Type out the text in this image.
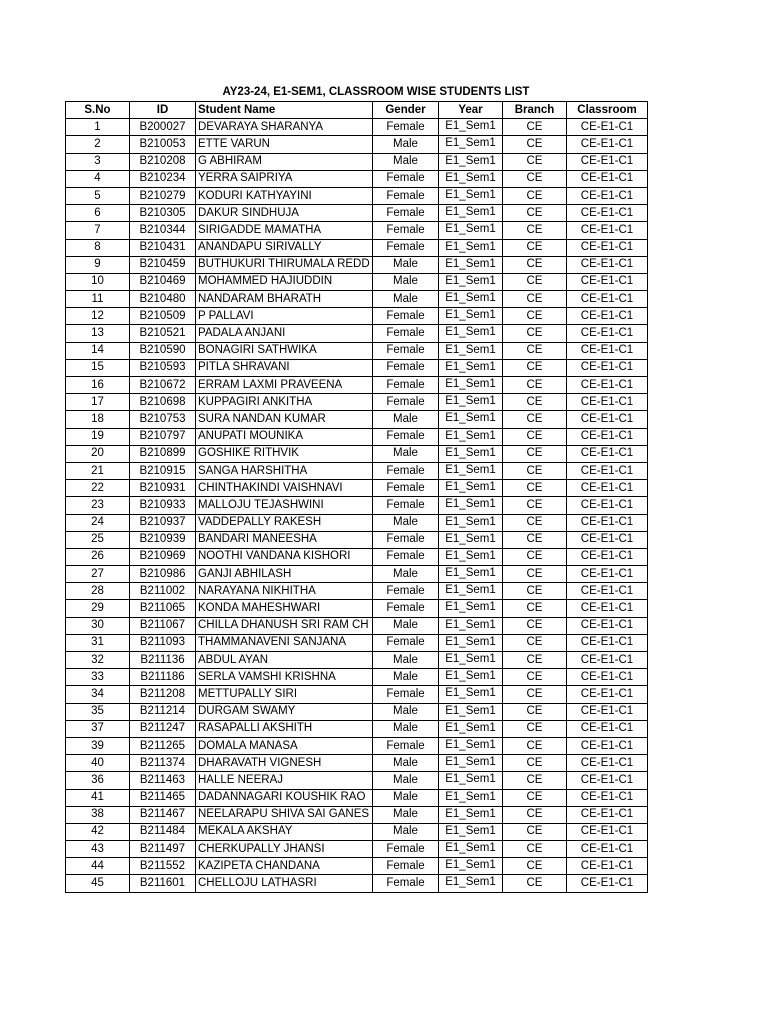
AY23-24, E1-SEM1, CLASSROOM WISE STUDENTS LIST
S.No	ID	Student Name	Gender	Year	Branch	Classroom
1	B200027	DEVARAYA SHARANYA	Female	E1_Sem1	CE	CE-E1-C1
2	B210053	ETTE VARUN	Male	E1_Sem1	CE	CE-E1-C1
3	B210208	G ABHIRAM	Male	E1_Sem1	CE	CE-E1-C1
4	B210234	YERRA SAIPRIYA	Female	E1_Sem1	CE	CE-E1-C1
5	B210279	KODURI KATHYAYINI	Female	E1_Sem1	CE	CE-E1-C1
6	B210305	DAKUR SINDHUJA	Female	E1_Sem1	CE	CE-E1-C1
7	B210344	SIRIGADDE MAMATHA	Female	E1_Sem1	CE	CE-E1-C1
8	B210431	ANANDAPU SIRIVALLY	Female	E1_Sem1	CE	CE-E1-C1
9	B210459	BUTHUKURI THIRUMALA REDD	Male	E1_Sem1	CE	CE-E1-C1
10	B210469	MOHAMMED HAJIUDDIN	Male	E1_Sem1	CE	CE-E1-C1
11	B210480	NANDARAM BHARATH	Male	E1_Sem1	CE	CE-E1-C1
12	B210509	P PALLAVI	Female	E1_Sem1	CE	CE-E1-C1
13	B210521	PADALA ANJANI	Female	E1_Sem1	CE	CE-E1-C1
14	B210590	BONAGIRI SATHWIKA	Female	E1_Sem1	CE	CE-E1-C1
15	B210593	PITLA SHRAVANI	Female	E1_Sem1	CE	CE-E1-C1
16	B210672	ERRAM LAXMI PRAVEENA	Female	E1_Sem1	CE	CE-E1-C1
17	B210698	KUPPAGIRI ANKITHA	Female	E1_Sem1	CE	CE-E1-C1
18	B210753	SURA NANDAN KUMAR	Male	E1_Sem1	CE	CE-E1-C1
19	B210797	ANUPATI MOUNIKA	Female	E1_Sem1	CE	CE-E1-C1
20	B210899	GOSHIKE RITHVIK	Male	E1_Sem1	CE	CE-E1-C1
21	B210915	SANGA HARSHITHA	Female	E1_Sem1	CE	CE-E1-C1
22	B210931	CHINTHAKINDI VAISHNAVI	Female	E1_Sem1	CE	CE-E1-C1
23	B210933	MALLOJU TEJASHWINI	Female	E1_Sem1	CE	CE-E1-C1
24	B210937	VADDEPALLY RAKESH	Male	E1_Sem1	CE	CE-E1-C1
25	B210939	BANDARI MANEESHA	Female	E1_Sem1	CE	CE-E1-C1
26	B210969	NOOTHI VANDANA KISHORI	Female	E1_Sem1	CE	CE-E1-C1
27	B210986	GANJI ABHILASH	Male	E1_Sem1	CE	CE-E1-C1
28	B211002	NARAYANA NIKHITHA	Female	E1_Sem1	CE	CE-E1-C1
29	B211065	KONDA MAHESHWARI	Female	E1_Sem1	CE	CE-E1-C1
30	B211067	CHILLA DHANUSH SRI RAM CH	Male	E1_Sem1	CE	CE-E1-C1
31	B211093	THAMMANAVENI SANJANA	Female	E1_Sem1	CE	CE-E1-C1
32	B211136	ABDUL AYAN	Male	E1_Sem1	CE	CE-E1-C1
33	B211186	SERLA VAMSHI KRISHNA	Male	E1_Sem1	CE	CE-E1-C1
34	B211208	METTUPALLY SIRI	Female	E1_Sem1	CE	CE-E1-C1
35	B211214	DURGAM SWAMY	Male	E1_Sem1	CE	CE-E1-C1
37	B211247	RASAPALLI AKSHITH	Male	E1_Sem1	CE	CE-E1-C1
39	B211265	DOMALA MANASA	Female	E1_Sem1	CE	CE-E1-C1
40	B211374	DHARAVATH VIGNESH	Male	E1_Sem1	CE	CE-E1-C1
36	B211463	HALLE NEERAJ	Male	E1_Sem1	CE	CE-E1-C1
41	B211465	DADANNAGARI KOUSHIK RAO	Male	E1_Sem1	CE	CE-E1-C1
38	B211467	NEELARAPU SHIVA SAI GANES	Male	E1_Sem1	CE	CE-E1-C1
42	B211484	MEKALA AKSHAY	Male	E1_Sem1	CE	CE-E1-C1
43	B211497	CHERKUPALLY JHANSI	Female	E1_Sem1	CE	CE-E1-C1
44	B211552	KAZIPETA CHANDANA	Female	E1_Sem1	CE	CE-E1-C1
45	B211601	CHELLOJU LATHASRI	Female	E1_Sem1	CE	CE-E1-C1
